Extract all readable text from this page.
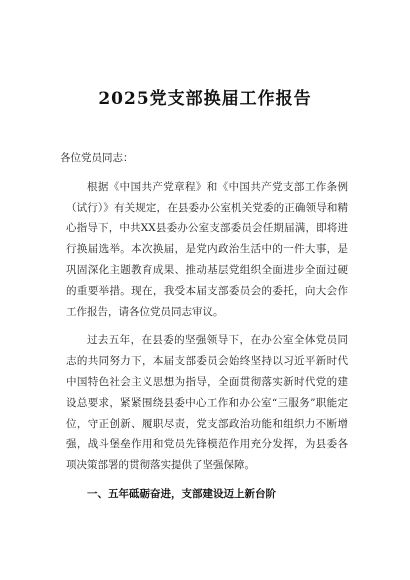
2025党支部换届工作报告

各位党员同志：

根据《中国共产党章程》和《中国共产党支部工作条例（试行）》有关规定，在县委办公室机关党委的正确领导和精心指导下，中共XX县委办公室支部委员会任期届满，即将进行换届选举。本次换届，是党内政治生活中的一件大事，是巩固深化主题教育成果、推动基层党组织全面进步全面过硬的重要举措。现在，我受本届支部委员会的委托，向大会作工作报告，请各位党员同志审议。

过去五年，在县委的坚强领导下，在办公室全体党员同志的共同努力下，本届支部委员会始终坚持以习近平新时代中国特色社会主义思想为指导，全面贯彻落实新时代党的建设总要求，紧紧围绕县委中心工作和办公室“三服务”职能定位，守正创新、履职尽责，党支部政治功能和组织力不断增强，战斗堡垒作用和党员先锋模范作用充分发挥，为县委各项决策部署的贯彻落实提供了坚强保障。

一、五年砥砺奋进，支部建设迈上新台阶
